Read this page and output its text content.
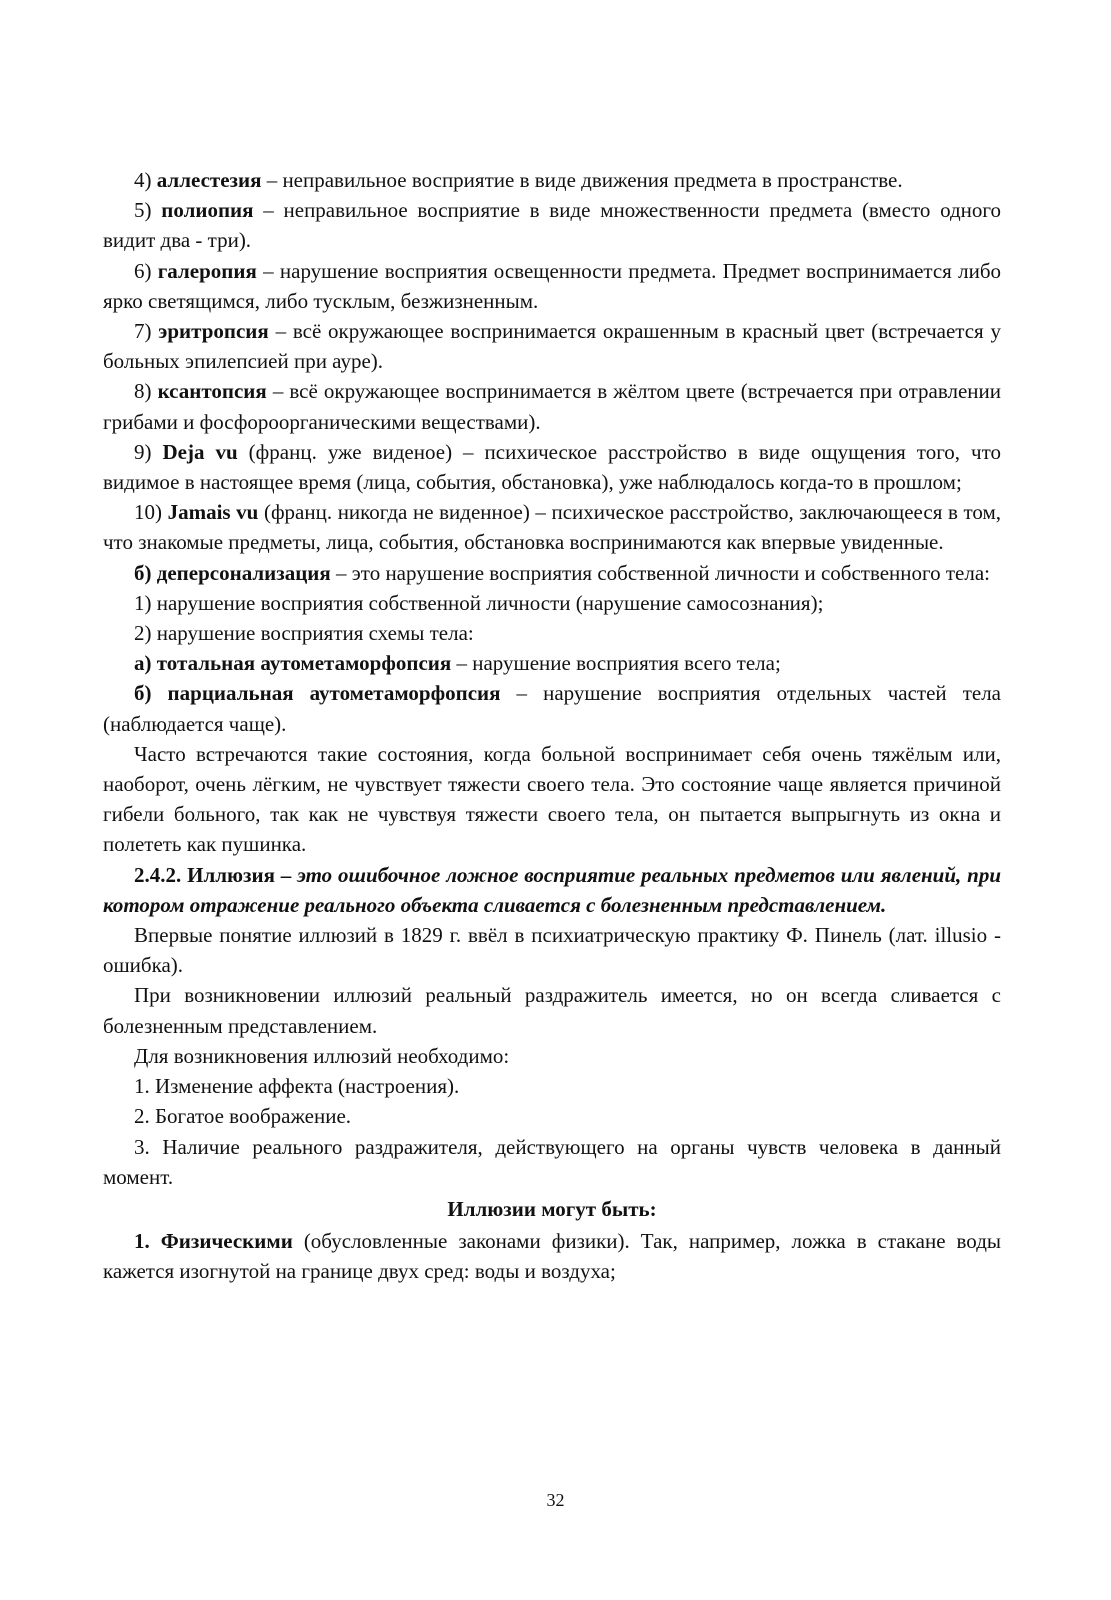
4) аллестезия – неправильное восприятие в виде движения предмета в пространстве.

5) полиопия – неправильное восприятие в виде множественности предмета (вместо одного видит два - три).

6) галеропия – нарушение восприятия освещенности предмета. Предмет воспринимается либо ярко светящимся, либо тусклым, безжизненным.

7) эритропсия – всё окружающее воспринимается окрашенным в красный цвет (встречается у больных эпилепсией при ауре).

8) ксантопсия – всё окружающее воспринимается в жёлтом цвете (встречается при отравлении грибами и фосфороорганическими веществами).

9) Deja vu (франц. уже виденое) – психическое расстройство в виде ощущения того, что видимое в настоящее время (лица, события, обстановка), уже наблюдалось когда-то в прошлом;

10) Jamais vu (франц. никогда не виденное) – психическое расстройство, заключающееся в том, что знакомые предметы, лица, события, обстановка воспринимаются как впервые увиденные.

б) деперсонализация – это нарушение восприятия собственной личности и собственного тела:

1) нарушение восприятия собственной личности (нарушение самосознания);

2) нарушение восприятия схемы тела:

а) тотальная аутометаморфопсия – нарушение восприятия всего тела;

б) парциальная аутометаморфопсия – нарушение восприятия отдельных частей тела (наблюдается чаще).

Часто встречаются такие состояния, когда больной воспринимает себя очень тяжёлым или, наоборот, очень лёгким, не чувствует тяжести своего тела. Это состояние чаще является причиной гибели больного, так как не чувствуя тяжести своего тела, он пытается выпрыгнуть из окна и полететь как пушинка.

2.4.2. Иллюзия – это ошибочное ложное восприятие реальных предметов или явлений, при котором отражение реального объекта сливается с болезненным представлением.

Впервые понятие иллюзий в 1829 г. ввёл в психиатрическую практику Ф. Пинель (лат. illusio - ошибка).

При возникновении иллюзий реальный раздражитель имеется, но он всегда сливается с болезненным представлением.

Для возникновения иллюзий необходимо:

1. Изменение аффекта (настроения).

2. Богатое воображение.

3. Наличие реального раздражителя, действующего на органы чувств человека в данный момент.

Иллюзии могут быть:

1. Физическими (обусловленные законами физики). Так, например, ложка в стакане воды кажется изогнутой на границе двух сред: воды и воздуха;

32
